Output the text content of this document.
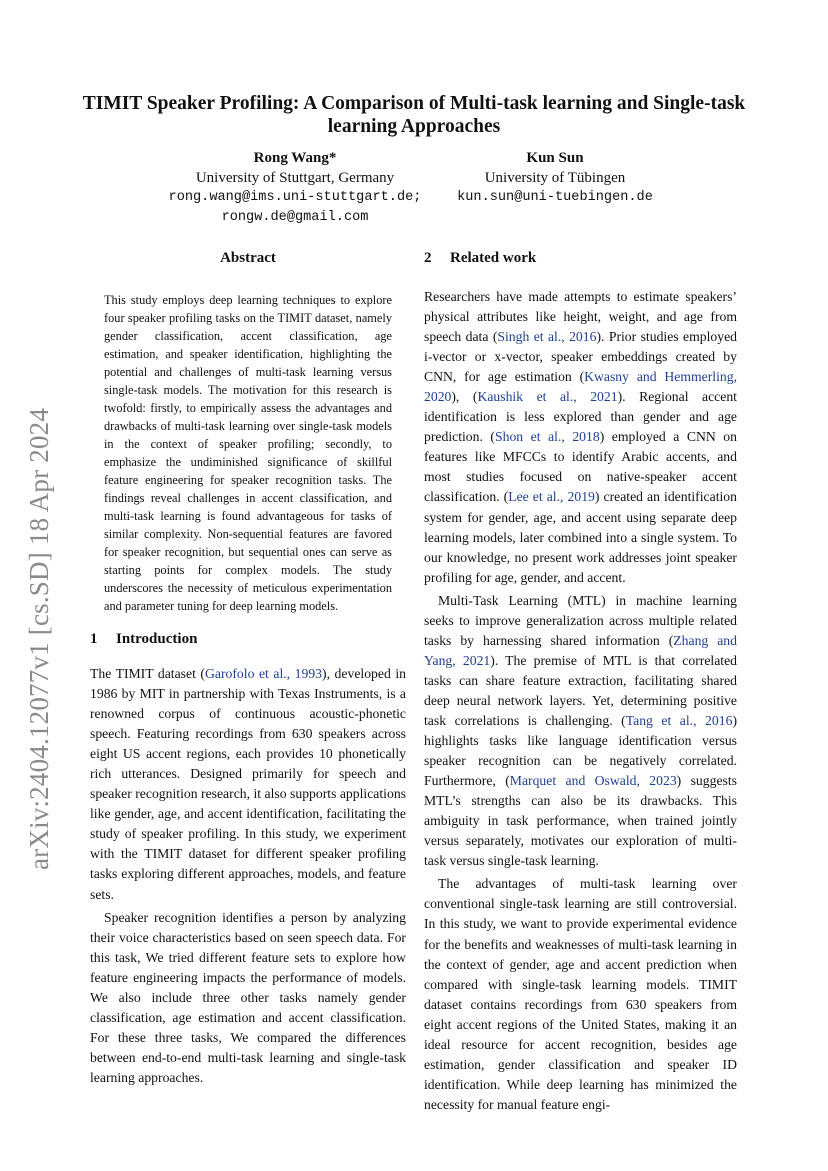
arXiv:2404.12077v1 [cs.SD] 18 Apr 2024
TIMIT Speaker Profiling: A Comparison of Multi-task learning and Single-task learning Approaches
Rong Wang*
University of Stuttgart, Germany
rong.wang@ims.uni-stuttgart.de;
rongw.de@gmail.com
Kun Sun
University of Tübingen
kun.sun@uni-tuebingen.de
Abstract

This study employs deep learning techniques to explore four speaker profiling tasks on the TIMIT dataset, namely gender classification, accent classification, age estimation, and speaker identification, highlighting the potential and challenges of multi-task learning versus single-task models. The motivation for this research is twofold: firstly, to empirically assess the advantages and drawbacks of multi-task learning over single-task models in the context of speaker profiling; secondly, to emphasize the undiminished significance of skillful feature engineering for speaker recognition tasks. The findings reveal challenges in accent classification, and multi-task learning is found advantageous for tasks of similar complexity. Non-sequential features are favored for speaker recognition, but sequential ones can serve as starting points for complex models. The study underscores the necessity of meticulous experimentation and parameter tuning for deep learning models.

1 Introduction

The TIMIT dataset (Garofolo et al., 1993), developed in 1986 by MIT in partnership with Texas Instruments, is a renowned corpus of continuous acoustic-phonetic speech. Featuring recordings from 630 speakers across eight US accent regions, each provides 10 phonetically rich utterances. Designed primarily for speech and speaker recognition research, it also supports applications like gender, age, and accent identification, facilitating the study of speaker profiling. In this study, we experiment with the TIMIT dataset for different speaker profiling tasks exploring different approaches, models, and feature sets.

Speaker recognition identifies a person by analyzing their voice characteristics based on seen speech data. For this task, We tried different feature sets to explore how feature engineering impacts the performance of models. We also include three other tasks namely gender classification, age estimation and accent classification. For these three tasks, We compared the differences between end-to-end multi-task learning and single-task learning approaches.

2 Related work

Researchers have made attempts to estimate speakers’ physical attributes like height, weight, and age from speech data (Singh et al., 2016). Prior studies employed i-vector or x-vector, speaker embeddings created by CNN, for age estimation (Kwasny and Hemmerling, 2020), (Kaushik et al., 2021). Regional accent identification is less explored than gender and age prediction. (Shon et al., 2018) employed a CNN on features like MFCCs to identify Arabic accents, and most studies focused on native-speaker accent classification. (Lee et al., 2019) created an identification system for gender, age, and accent using separate deep learning models, later combined into a single system. To our knowledge, no present work addresses joint speaker profiling for age, gender, and accent.

Multi-Task Learning (MTL) in machine learning seeks to improve generalization across multiple related tasks by harnessing shared information (Zhang and Yang, 2021). The premise of MTL is that correlated tasks can share feature extraction, facilitating shared deep neural network layers. Yet, determining positive task correlations is challenging. (Tang et al., 2016) highlights tasks like language identification versus speaker recognition can be negatively correlated. Furthermore, (Marquet and Oswald, 2023) suggests MTL’s strengths can also be its drawbacks. This ambiguity in task performance, when trained jointly versus separately, motivates our exploration of multi-task versus single-task learning.

The advantages of multi-task learning over conventional single-task learning are still controversial. In this study, we want to provide experimental evidence for the benefits and weaknesses of multi-task learning in the context of gender, age and accent prediction when compared with single-task learning models. TIMIT dataset contains recordings from 630 speakers from eight accent regions of the United States, making it an ideal resource for accent recognition, besides age estimation, gender classification and speaker ID identification. While deep learning has minimized the necessity for manual feature engi-
